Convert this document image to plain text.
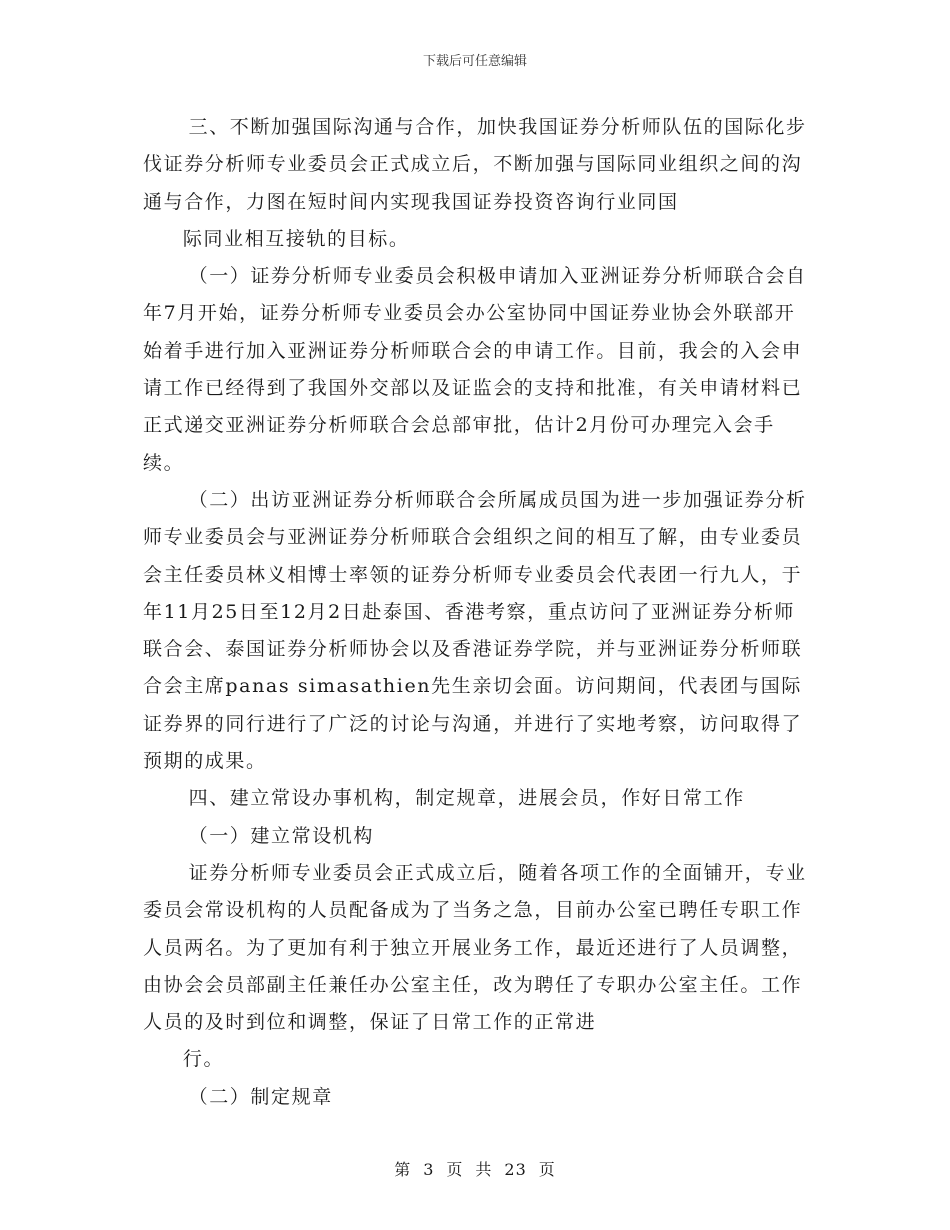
下载后可任意编辑

三、不断加强国际沟通与合作，加快我国证券分析师队伍的国际化步伐证券分析师专业委员会正式成立后，不断加强与国际同业组织之间的沟通与合作，力图在短时间内实现我国证券投资咨询行业同国

际同业相互接轨的目标。

（一）证券分析师专业委员会积极申请加入亚洲证券分析师联合会自年7月开始，证券分析师专业委员会办公室协同中国证券业协会外联部开始着手进行加入亚洲证券分析师联合会的申请工作。目前，我会的入会申请工作已经得到了我国外交部以及证监会的支持和批准，有关申请材料已正式递交亚洲证券分析师联合会总部审批，估计2月份可办理完入会手续。

（二）出访亚洲证券分析师联合会所属成员国为进一步加强证券分析师专业委员会与亚洲证券分析师联合会组织之间的相互了解，由专业委员会主任委员林义相博士率领的证券分析师专业委员会代表团一行九人，于年11月25日至12月2日赴泰国、香港考察，重点访问了亚洲证券分析师联合会、泰国证券分析师协会以及香港证券学院，并与亚洲证券分析师联合会主席panas simasathien先生亲切会面。访问期间，代表团与国际证券界的同行进行了广泛的讨论与沟通，并进行了实地考察，访问取得了预期的成果。

四、建立常设办事机构，制定规章，进展会员，作好日常工作

（一）建立常设机构

证券分析师专业委员会正式成立后，随着各项工作的全面铺开，专业委员会常设机构的人员配备成为了当务之急，目前办公室已聘任专职工作人员两名。为了更加有利于独立开展业务工作，最近还进行了人员调整，由协会会员部副主任兼任办公室主任，改为聘任了专职办公室主任。工作人员的及时到位和调整，保证了日常工作的正常进

行。

（二）制定规章

第 3 页 共 23 页
